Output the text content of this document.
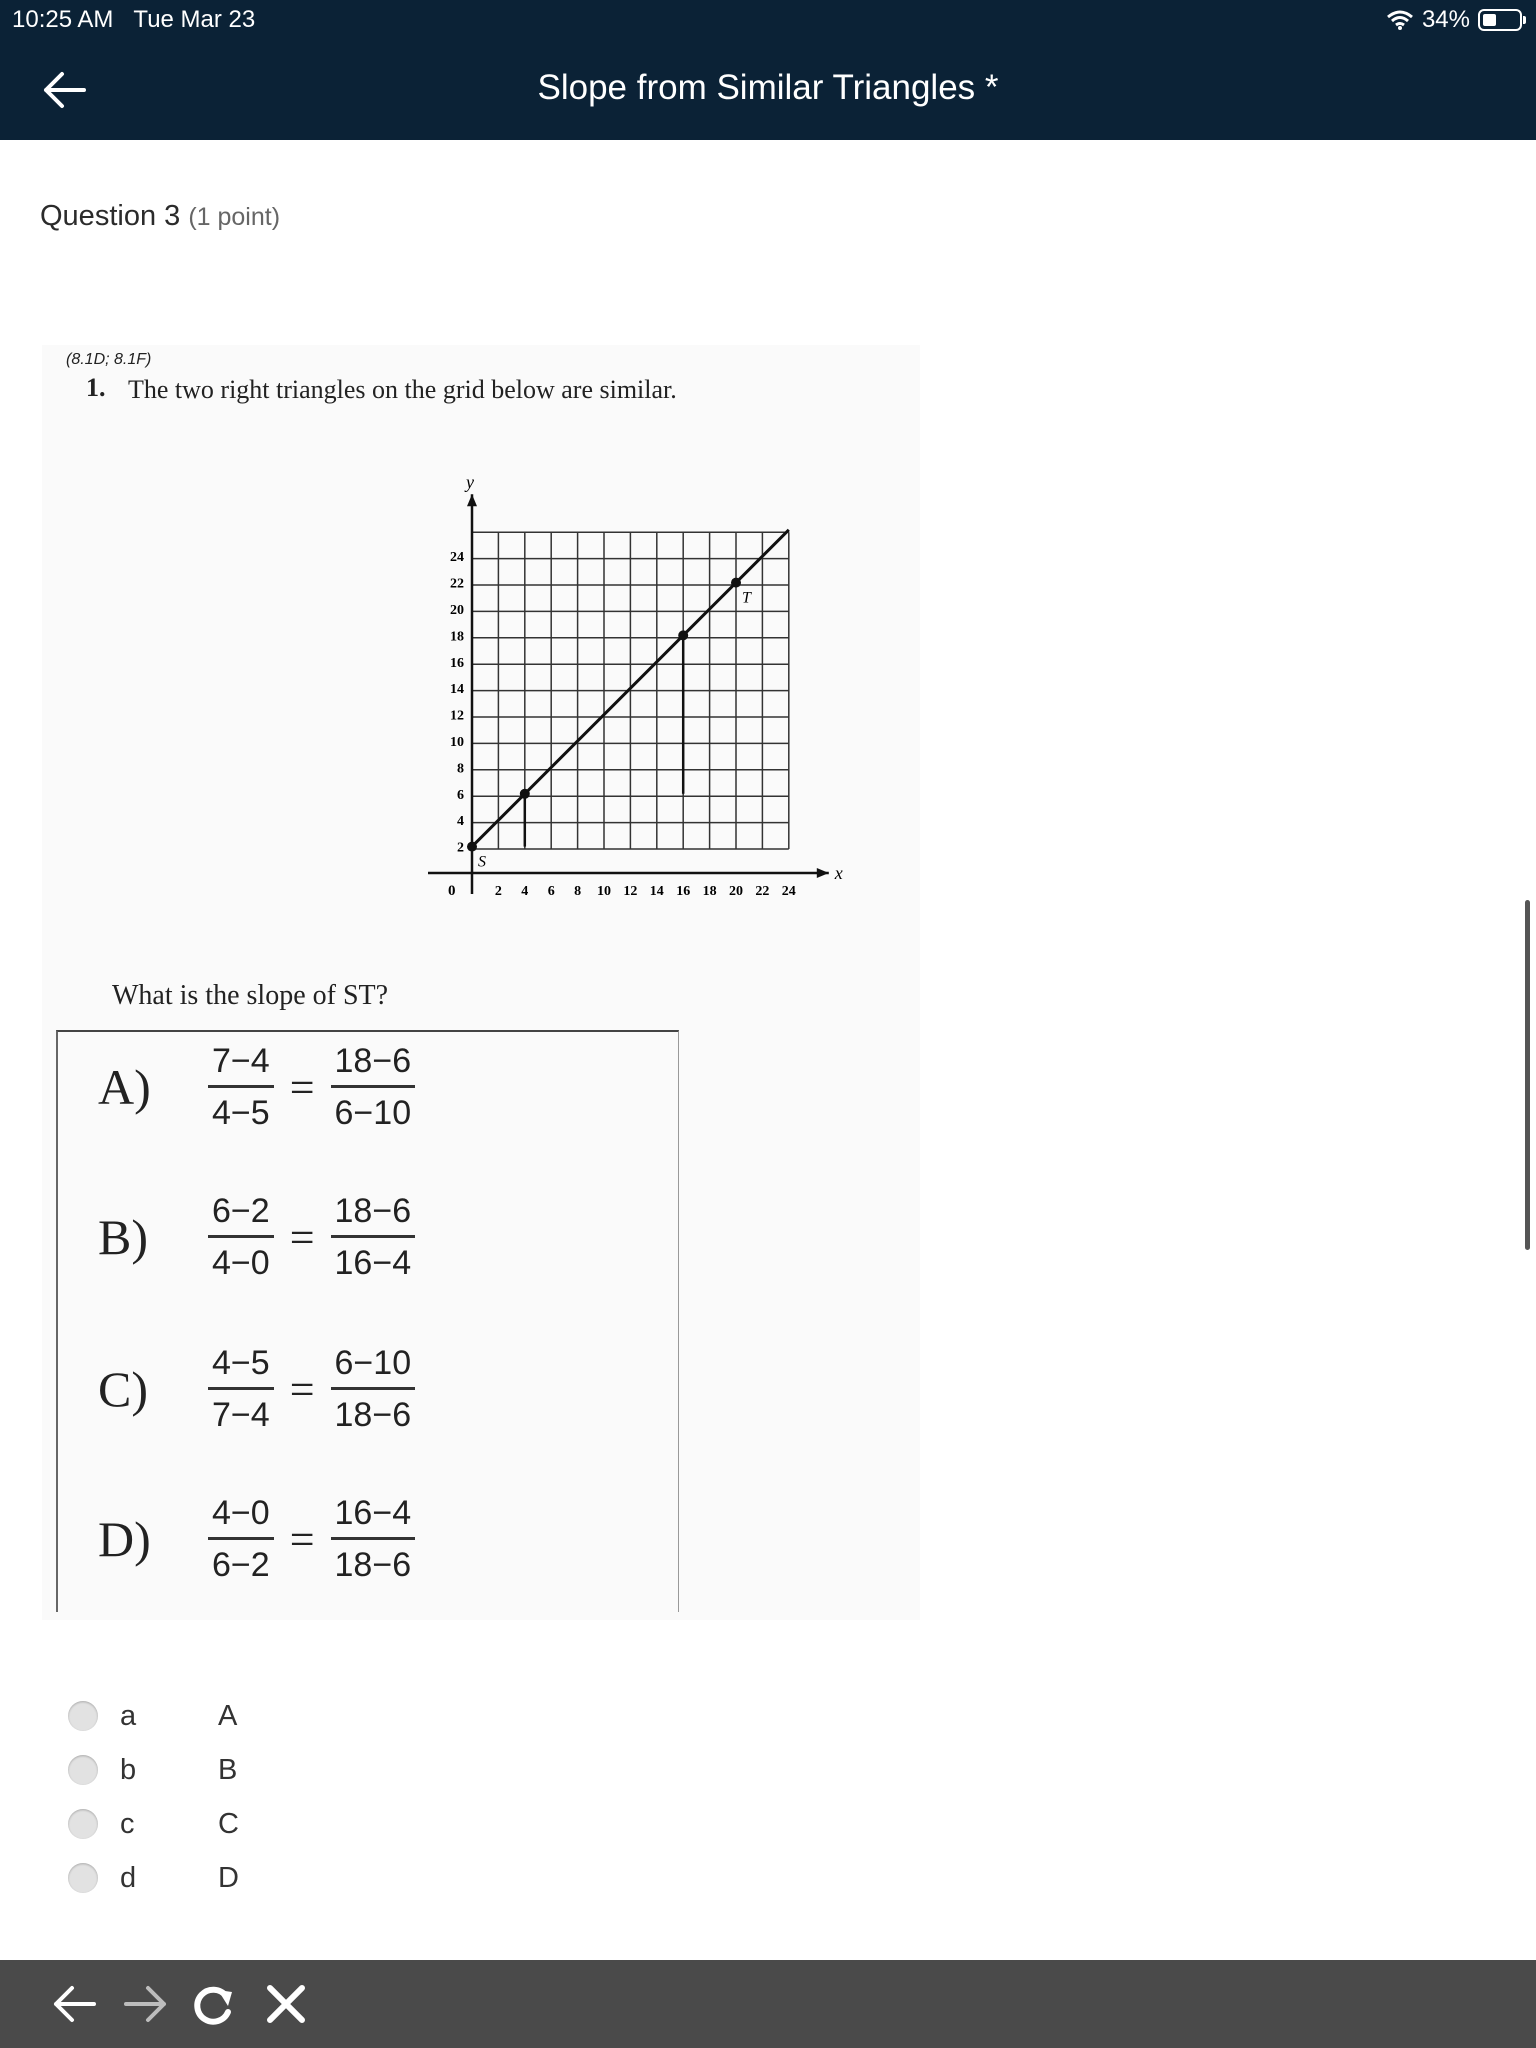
10:25 AM Tue Mar 23	34%
Slope from Similar Triangles *
Question 3 (1 point)
(8.1D; 8.1F)
1. The two right triangles on the grid below are similar.
x
y
0	2 4 6 8 10 12 14 16 18 20 22 24
2
4
6
8
10
12
14
16
18
20
22
24
S
T
What is the slope of ST?
A)	$\frac{7-4}{4-5} = \frac{18-6}{6-10}$
B)	$\frac{6-2}{4-0} = \frac{18-6}{16-4}$
C)	$\frac{4-5}{7-4} = \frac{6-10}{18-6}$
D)	$\frac{4-0}{6-2} = \frac{16-4}{18-6}$
a	A
b	B
c	C
d	D
